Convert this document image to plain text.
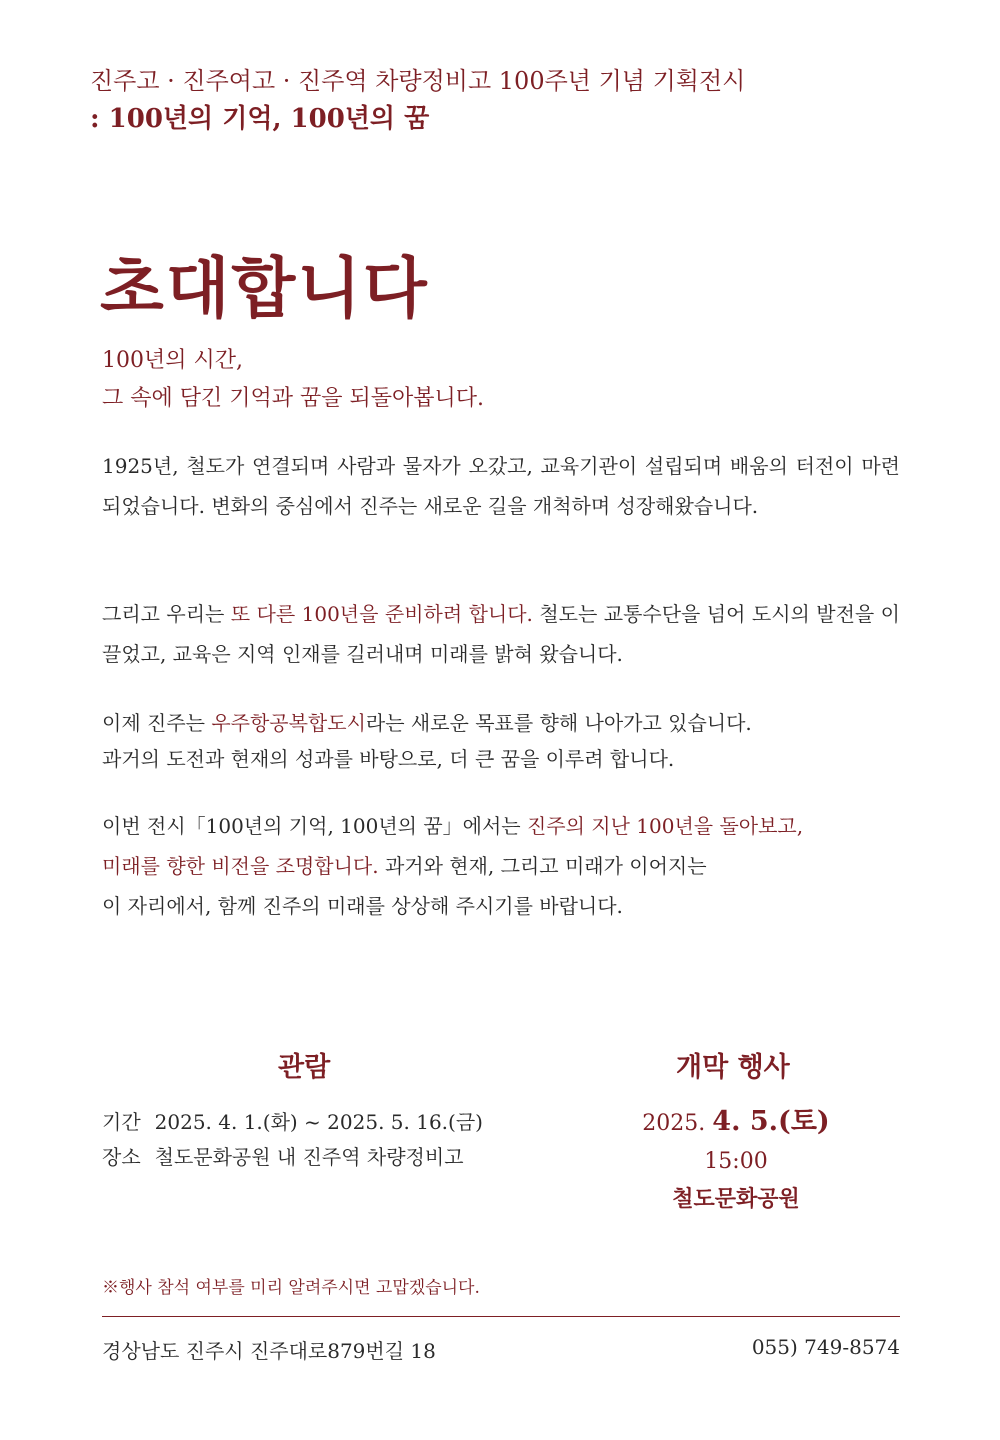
진주고 · 진주여고 · 진주역 차량정비고 100주년 기념 기획전시
: 100년의 기억, 100년의 꿈
초대합니다
100년의 시간,
그 속에 담긴 기억과 꿈을 되돌아봅니다.
1925년, 철도가 연결되며 사람과 물자가 오갔고, 교육기관이 설립되며 배움의 터전이 마련되었습니다. 변화의 중심에서 진주는 새로운 길을 개척하며 성장해왔습니다.
그리고 우리는 또 다른 100년을 준비하려 합니다. 철도는 교통수단을 넘어 도시의 발전을 이끌었고, 교육은 지역 인재를 길러내며 미래를 밝혀 왔습니다.
이제 진주는 우주항공복합도시라는 새로운 목표를 향해 나아가고 있습니다.
과거의 도전과 현재의 성과를 바탕으로, 더 큰 꿈을 이루려 합니다.
이번 전시「100년의 기억, 100년의 꿈」에서는 진주의 지난 100년을 돌아보고,
미래를 향한 비전을 조명합니다. 과거와 현재, 그리고 미래가 이어지는
이 자리에서, 함께 진주의 미래를 상상해 주시기를 바랍니다.
관람	개막 행사
기간 2025. 4. 1.(화) ~ 2025. 5. 16.(금)
장소 철도문화공원 내 진주역 차량정비고
2025. 4. 5.(토) 15:00
철도문화공원
※행사 참석 여부를 미리 알려주시면 고맙겠습니다.
경상남도 진주시 진주대로879번길 18	055) 749-8574
